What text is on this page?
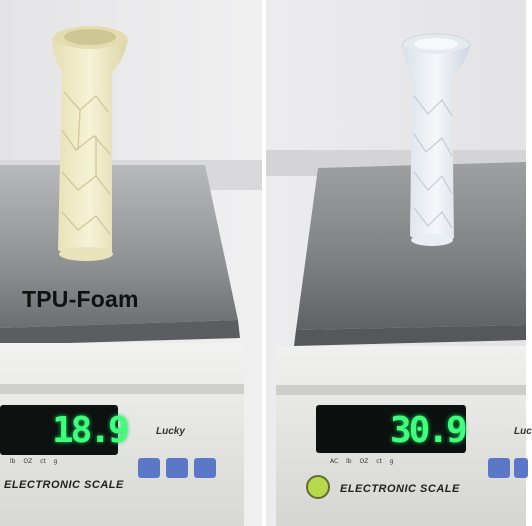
TPU-Foam
18.9	Lucky
lb OZ ct g
ELECTRONIC SCALE
30.9	Luc
AC lb OZ ct g
ELECTRONIC SCALE
